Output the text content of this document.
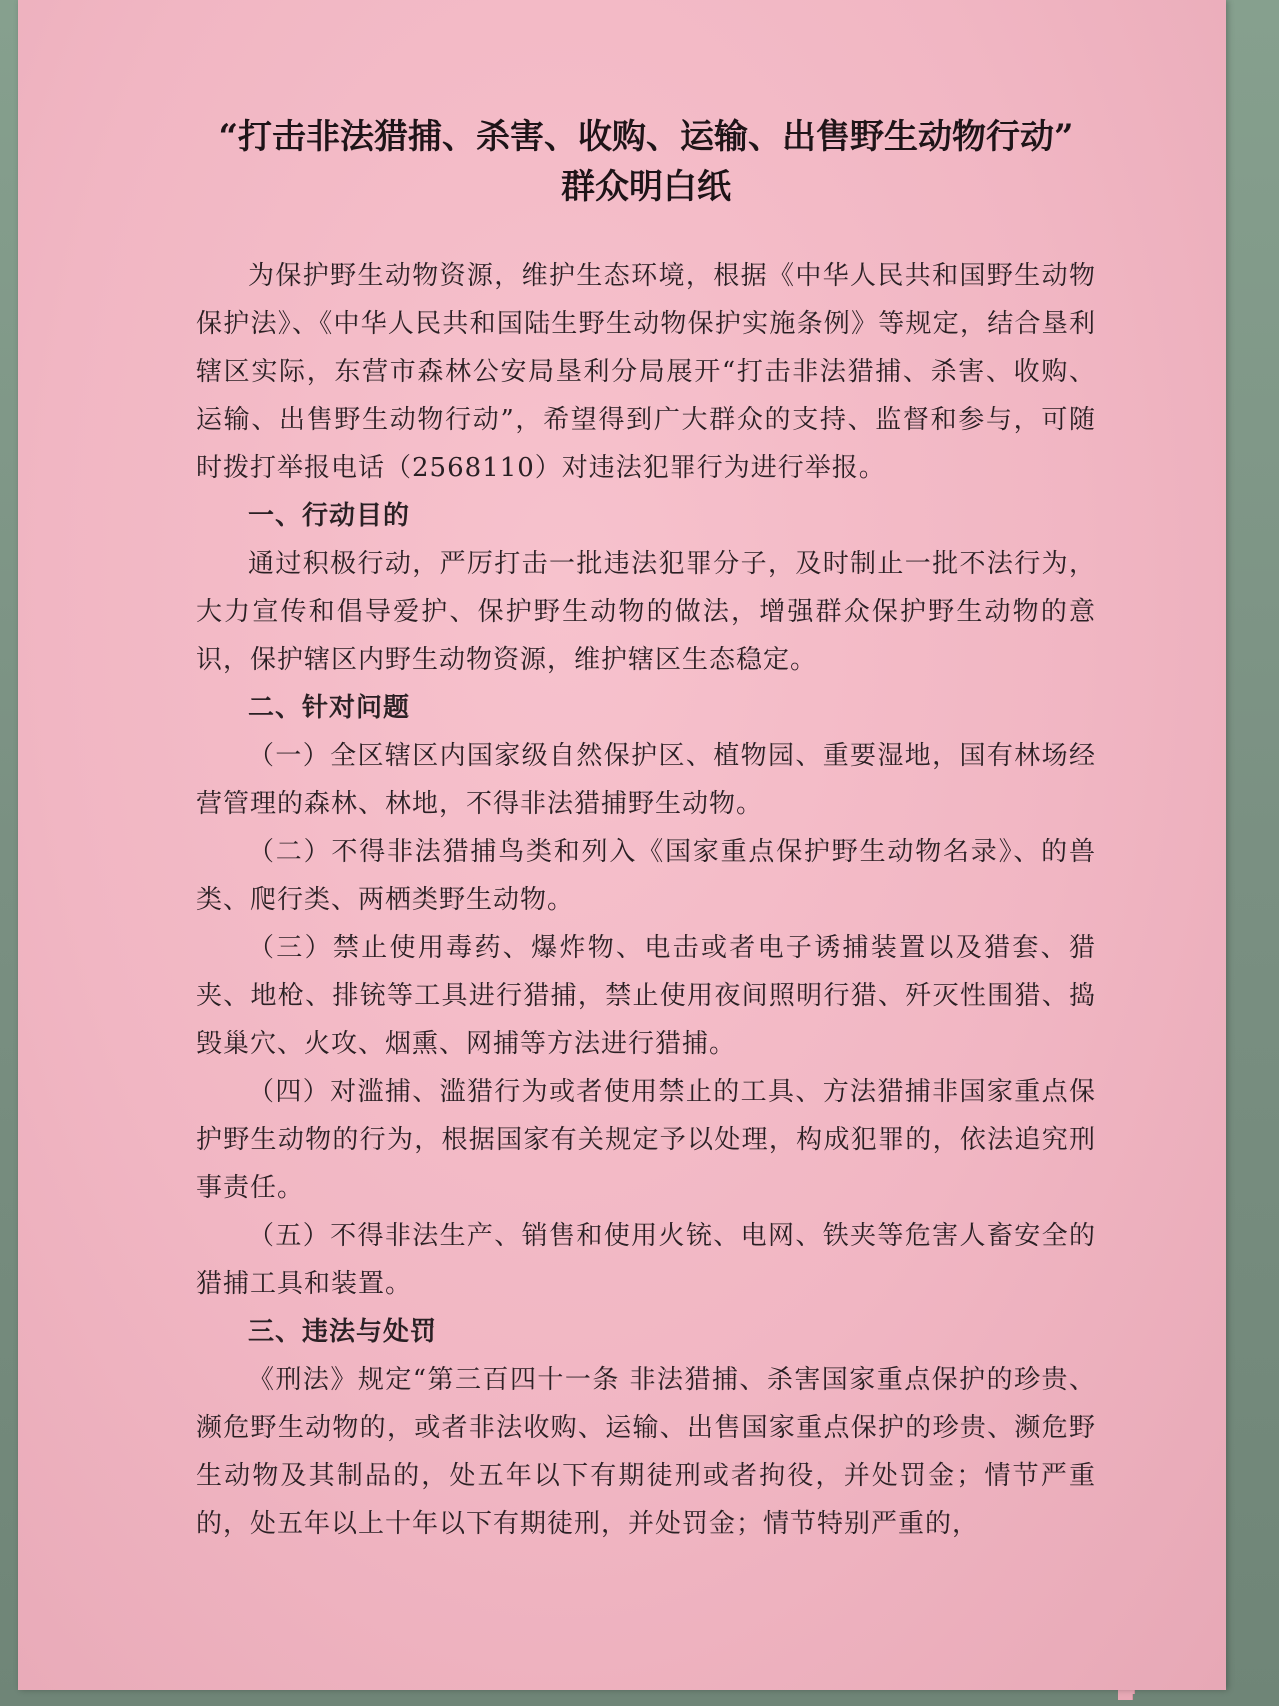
“打击非法猎捕、杀害、收购、运输、出售野生动物行动”

群众明白纸

为保护野生动物资源，维护生态环境，根据《中华人民共和国野生动物保护法》、《中华人民共和国陆生野生动物保护实施条例》等规定，结合垦利辖区实际，东营市森林公安局垦利分局展开“打击非法猎捕、杀害、收购、运输、出售野生动物行动”，希望得到广大群众的支持、监督和参与，可随时拨打举报电话（2568110）对违法犯罪行为进行举报。

一、行动目的

通过积极行动，严厉打击一批违法犯罪分子，及时制止一批不法行为，大力宣传和倡导爱护、保护野生动物的做法，增强群众保护野生动物的意识，保护辖区内野生动物资源，维护辖区生态稳定。

二、针对问题

（一）全区辖区内国家级自然保护区、植物园、重要湿地，国有林场经营管理的森林、林地，不得非法猎捕野生动物。

（二）不得非法猎捕鸟类和列入《国家重点保护野生动物名录》、的兽类、爬行类、两栖类野生动物。

（三）禁止使用毒药、爆炸物、电击或者电子诱捕装置以及猎套、猎夹、地枪、排铳等工具进行猎捕，禁止使用夜间照明行猎、歼灭性围猎、捣毁巢穴、火攻、烟熏、网捕等方法进行猎捕。

（四）对滥捕、滥猎行为或者使用禁止的工具、方法猎捕非国家重点保护野生动物的行为，根据国家有关规定予以处理，构成犯罪的，依法追究刑事责任。

（五）不得非法生产、销售和使用火铳、电网、铁夹等危害人畜安全的猎捕工具和装置。

三、违法与处罚

《刑法》规定“第三百四十一条 非法猎捕、杀害国家重点保护的珍贵、濒危野生动物的，或者非法收购、运输、出售国家重点保护的珍贵、濒危野生动物及其制品的，处五年以下有期徒刑或者拘役，并处罚金；情节严重的，处五年以上十年以下有期徒刑，并处罚金；情节特别严重的，
